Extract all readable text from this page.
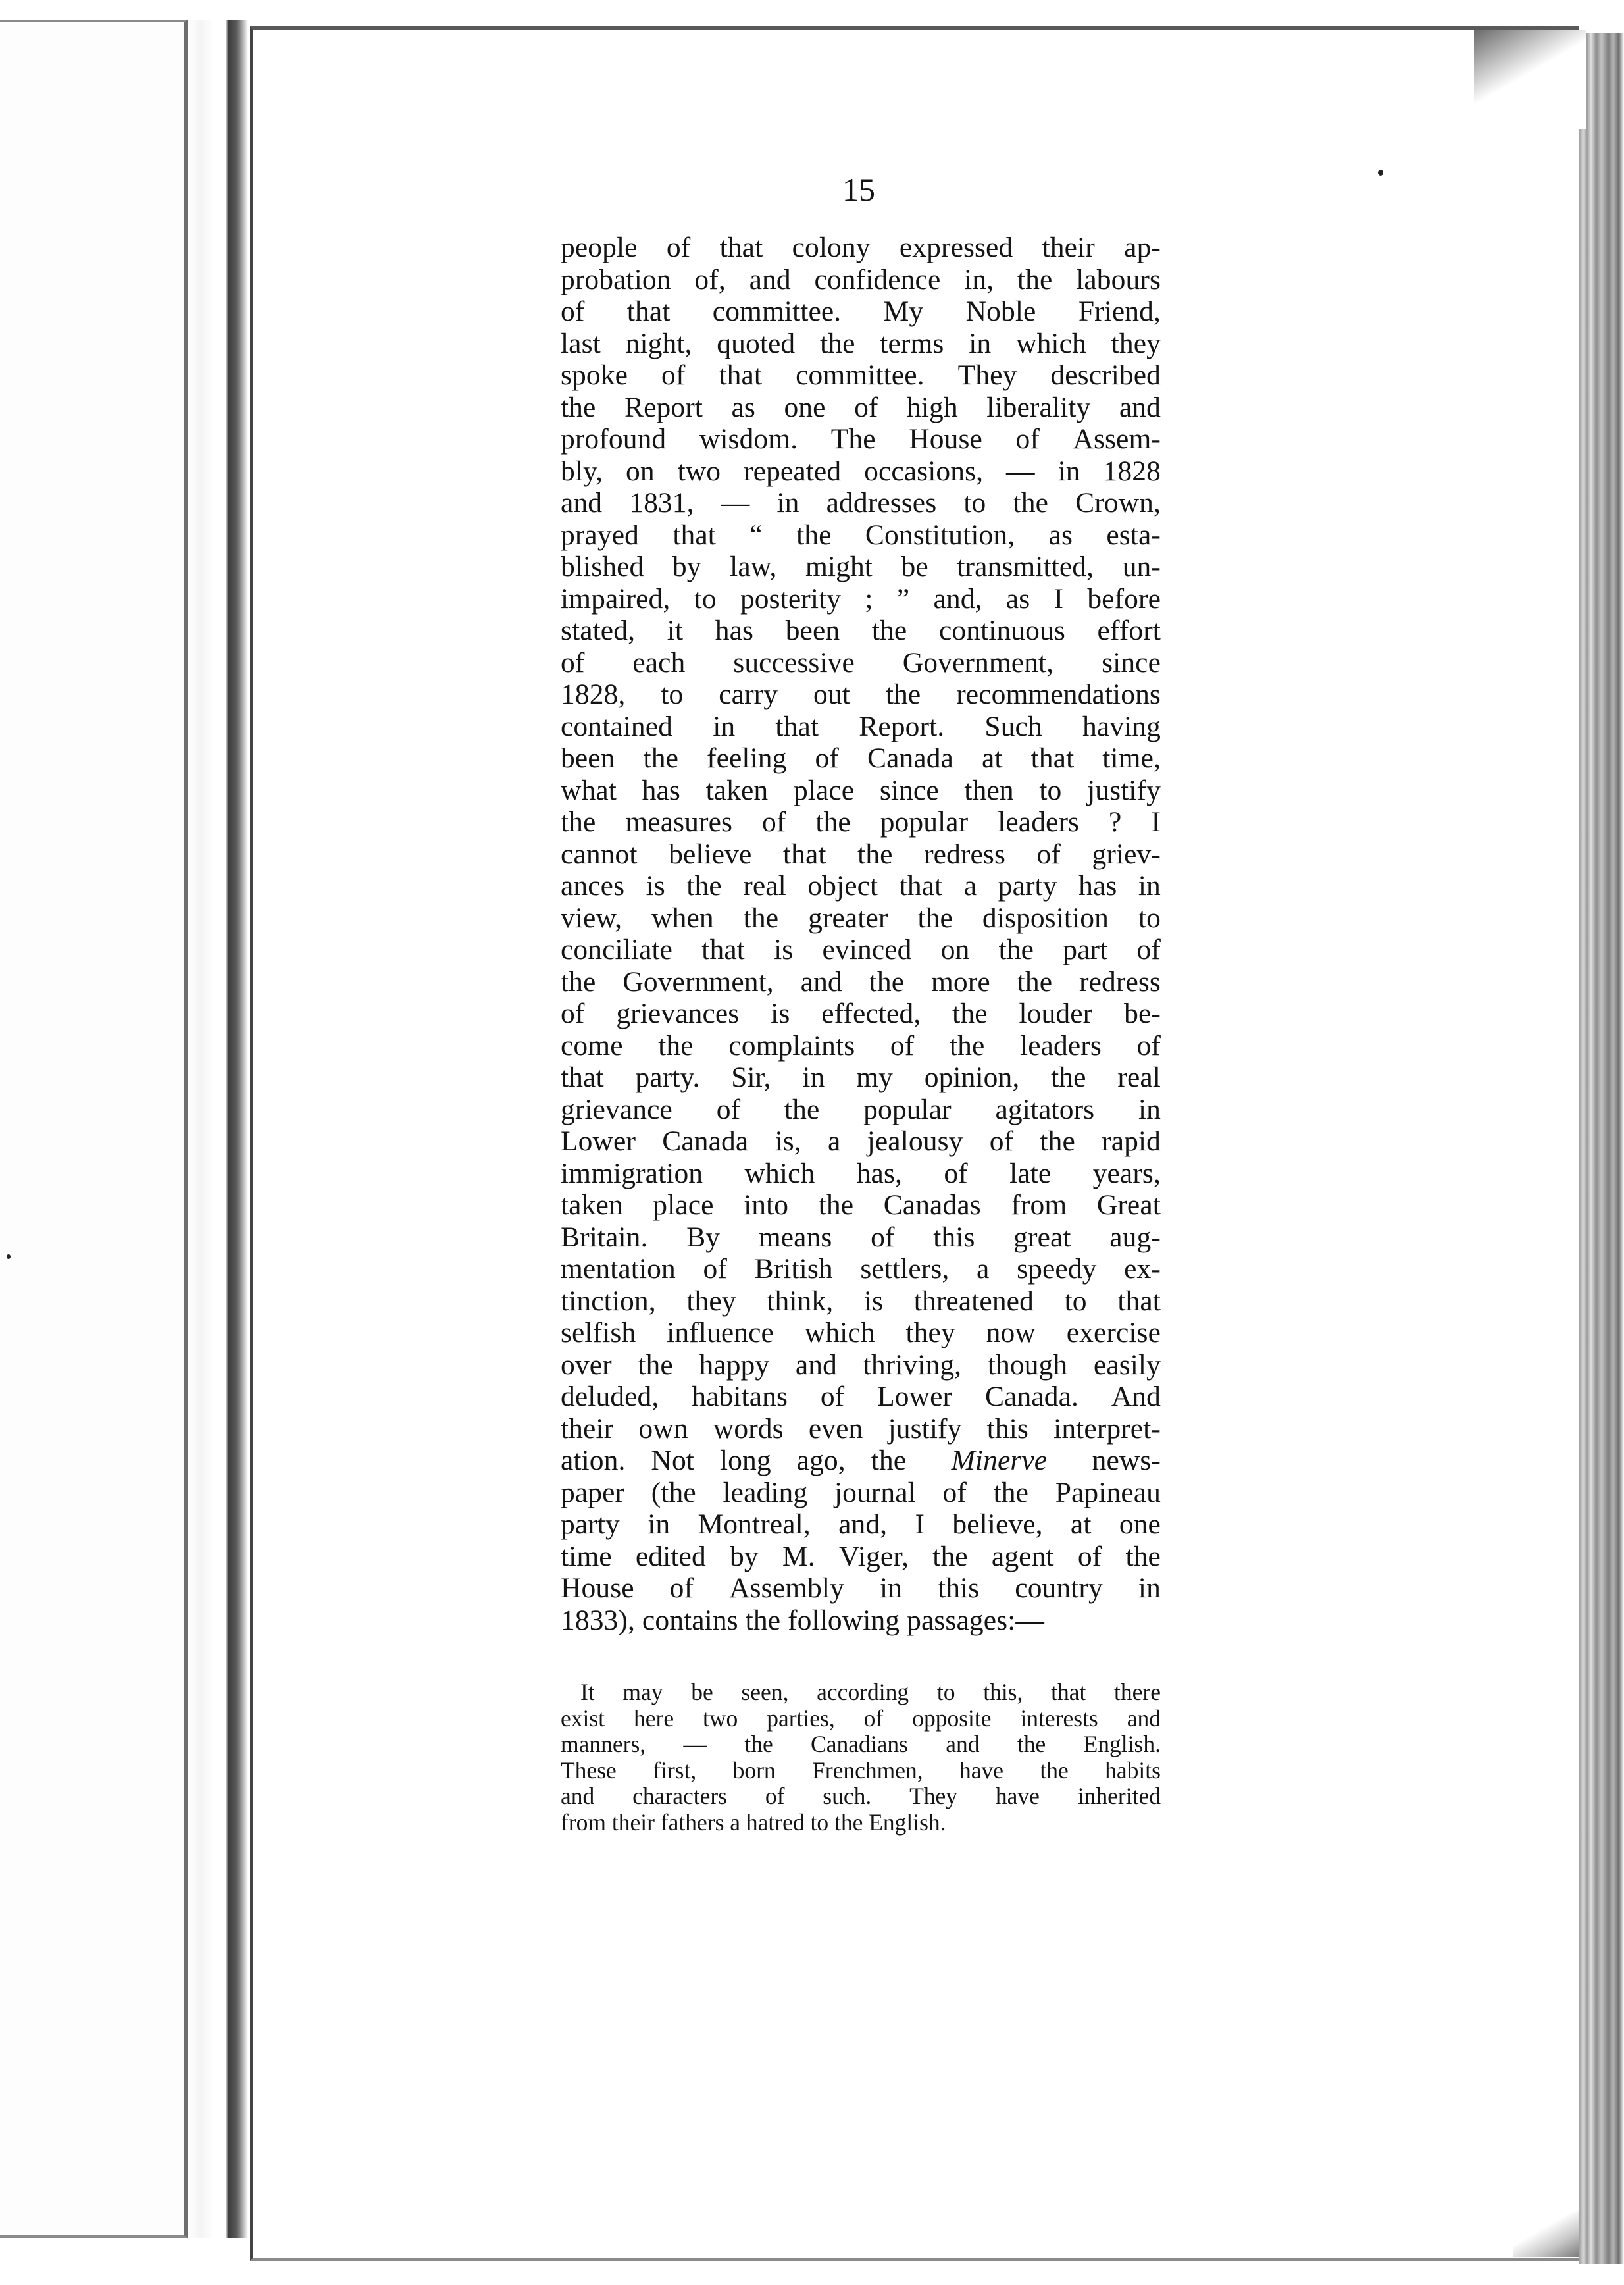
15
people of that colony expressed their ap-
probation of, and confidence in, the labours
of that committee. My Noble Friend,
last night, quoted the terms in which they
spoke of that committee. They described
the Report as one of high liberality and
profound wisdom. The House of Assem-
bly, on two repeated occasions, — in 1828
and 1831, — in addresses to the Crown,
prayed that “ the Constitution, as esta-
blished by law, might be transmitted, un-
impaired, to posterity ; ” and, as I before
stated, it has been the continuous effort
of each successive Government, since
1828, to carry out the recommendations
contained in that Report. Such having
been the feeling of Canada at that time,
what has taken place since then to justify
the measures of the popular leaders ? I
cannot believe that the redress of griev-
ances is the real object that a party has in
view, when the greater the disposition to
conciliate that is evinced on the part of
the Government, and the more the redress
of grievances is effected, the louder be-
come the complaints of the leaders of
that party. Sir, in my opinion, the real
grievance of the popular agitators in
Lower Canada is, a jealousy of the rapid
immigration which has, of late years,
taken place into the Canadas from Great
Britain. By means of this great aug-
mentation of British settlers, a speedy ex-
tinction, they think, is threatened to that
selfish influence which they now exercise
over the happy and thriving, though easily
deluded, habitans of Lower Canada. And
their own words even justify this interpret-
ation. Not long ago, the Minerve news-
paper (the leading journal of the Papineau
party in Montreal, and, I believe, at one
time edited by M. Viger, the agent of the
House of Assembly in this country in
1833), contains the following passages:—
It may be seen, according to this, that there
exist here two parties, of opposite interests and
manners, — the Canadians and the English.
These first, born Frenchmen, have the habits
and characters of such. They have inherited
from their fathers a hatred to the English.
